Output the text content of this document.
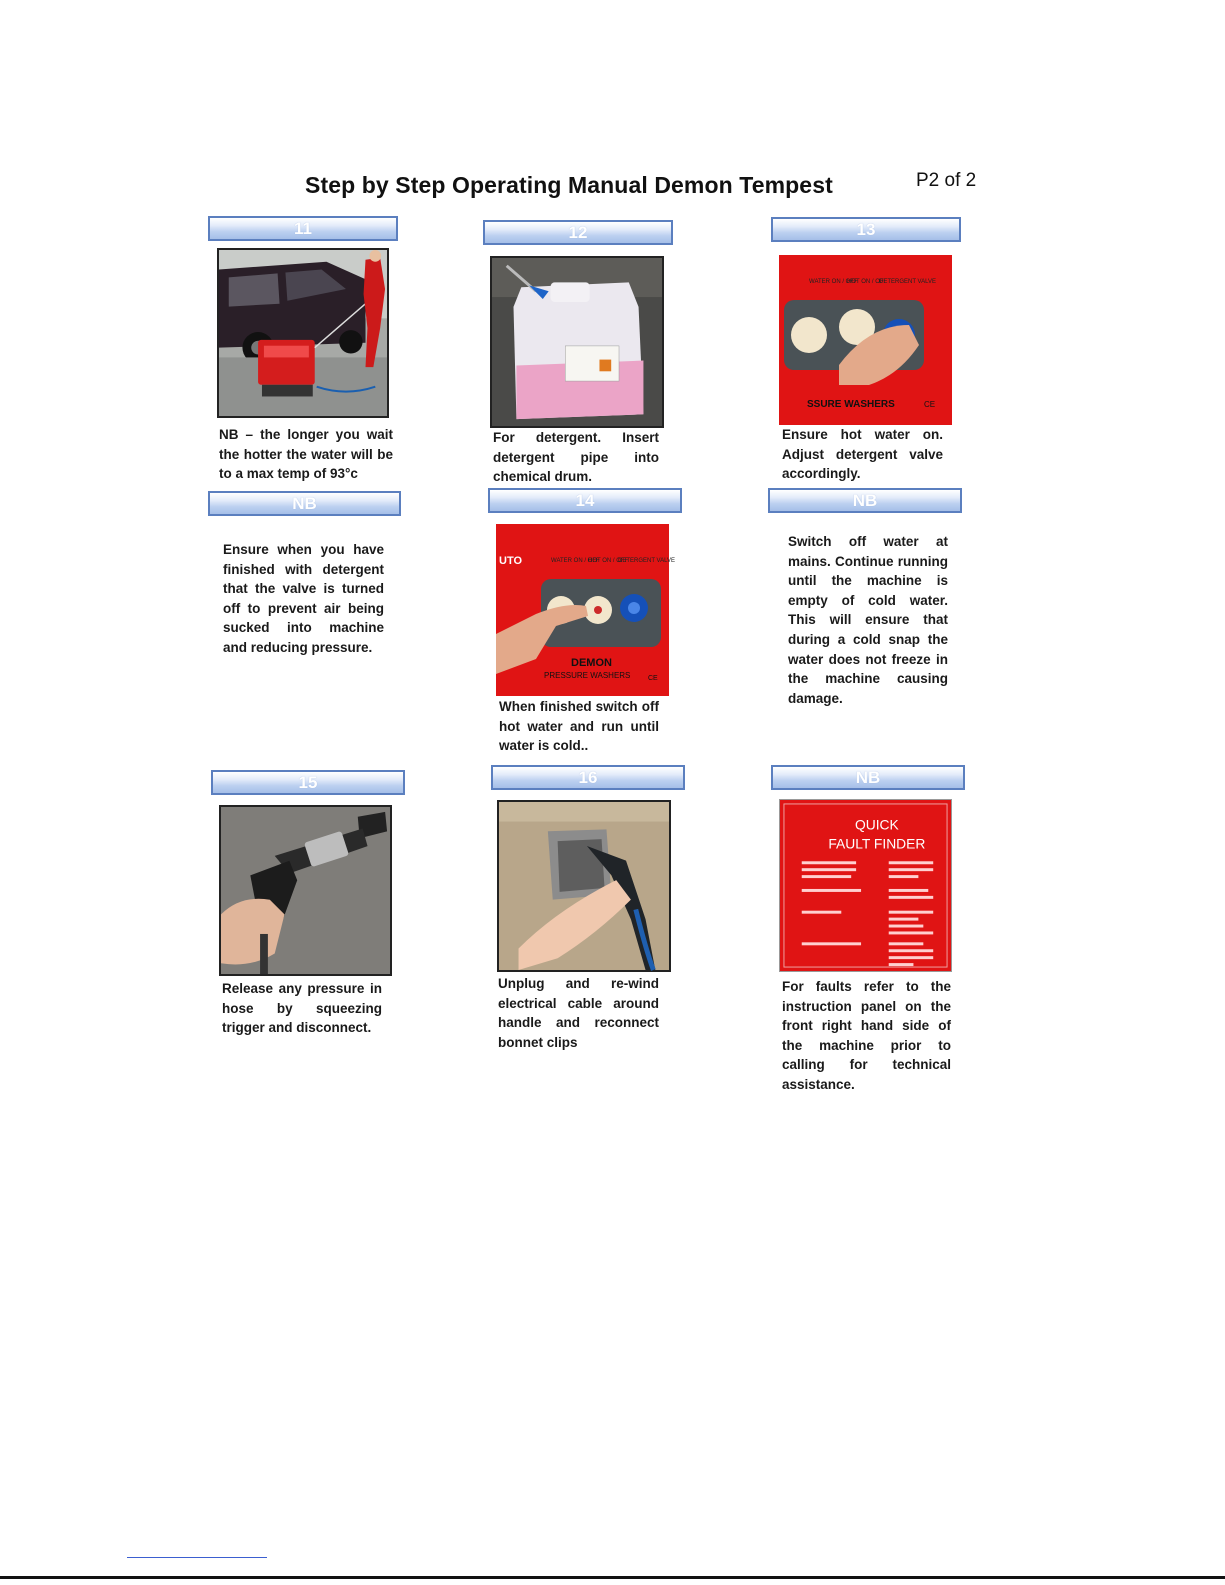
Step by Step Operating Manual Demon Tempest	P2 of 2
11
NB – the longer you wait the hotter the water will be to a max temp of 93°c
12
For detergent. Insert detergent pipe into chemical drum.
13
WATER ON / OFF
HOT ON / OFF
DETERGENT VALVE
SSURE WASHERS	CE
Ensure hot water on. Adjust detergent valve accordingly.
NB
Ensure when you have finished with detergent that the valve is turned off to prevent air being sucked into machine and reducing pressure.
14
UTO	WATER ON / OFF
HOT ON / OFF
DETERGENT VALVE
DEMON
PRESSURE WASHERS	CE
When finished switch off hot water and run until water is cold..
NB
Switch off water at mains. Continue running until the machine is empty of cold water. This will ensure that during a cold snap the water does not freeze in the machine causing damage.
15
Release any pressure in hose by squeezing trigger and disconnect.
16
Unplug and re-wind electrical cable around handle and reconnect bonnet clips
NB
QUICK
FAULT FINDER
For faults refer to the instruction panel on the front right hand side of the machine prior to calling for technical assistance.
